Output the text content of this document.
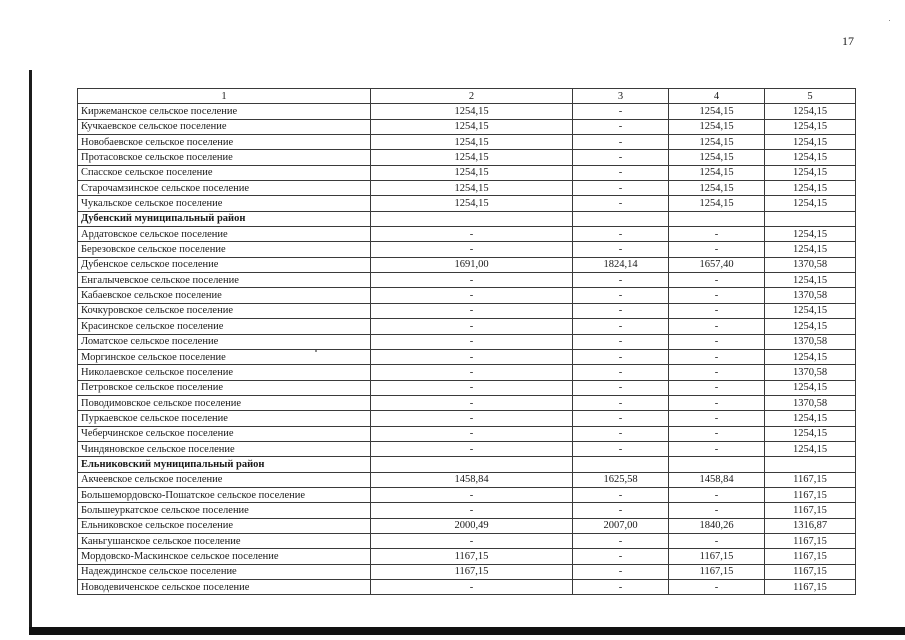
17
1	2	3	4	5
Киржеманское сельское поселение	1254,15	-	1254,15	1254,15
Кучкаевское сельское поселение	1254,15	-	1254,15	1254,15
Новобаевское сельское поселение	1254,15	-	1254,15	1254,15
Протасовское сельское поселение	1254,15	-	1254,15	1254,15
Спасское сельское поселение	1254,15	-	1254,15	1254,15
Старочамзинское сельское поселение	1254,15	-	1254,15	1254,15
Чукальское сельское поселение	1254,15	-	1254,15	1254,15
Дубенский муниципальный район				
Ардатовское сельское поселение	-	-	-	1254,15
Березовское сельское поселение	-	-	-	1254,15
Дубенское сельское поселение	1691,00	1824,14	1657,40	1370,58
Енгалычевское сельское поселение	-	-	-	1254,15
Кабаевское сельское поселение	-	-	-	1370,58
Кочкуровское сельское поселение	-	-	-	1254,15
Красинское сельское поселение	-	-	-	1254,15
Ломатское сельское поселение	-	-	-	1370,58
Моргинское сельское поселение	-	-	-	1254,15
Николаевское сельское поселение	-	-	-	1370,58
Петровское сельское поселение	-	-	-	1254,15
Поводимовское сельское поселение	-	-	-	1370,58
Пуркаевское сельское поселение	-	-	-	1254,15
Чеберчинское сельское поселение	-	-	-	1254,15
Чиндяновское сельское поселение	-	-	-	1254,15
Ельниковский муниципальный район				
Акчеевское сельское поселение	1458,84	1625,58	1458,84	1167,15
Большемордовско-Пошатское сельское поселение	-	-	-	1167,15
Большеуркатское сельское поселение	-	-	-	1167,15
Ельниковское сельское поселение	2000,49	2007,00	1840,26	1316,87
Каньгушанское сельское поселение	-	-	-	1167,15
Мордовско-Маскинское сельское поселение	1167,15	-	1167,15	1167,15
Надеждинское сельское поселение	1167,15	-	1167,15	1167,15
Новодевиченское сельское поселение	-	-	-	1167,15
